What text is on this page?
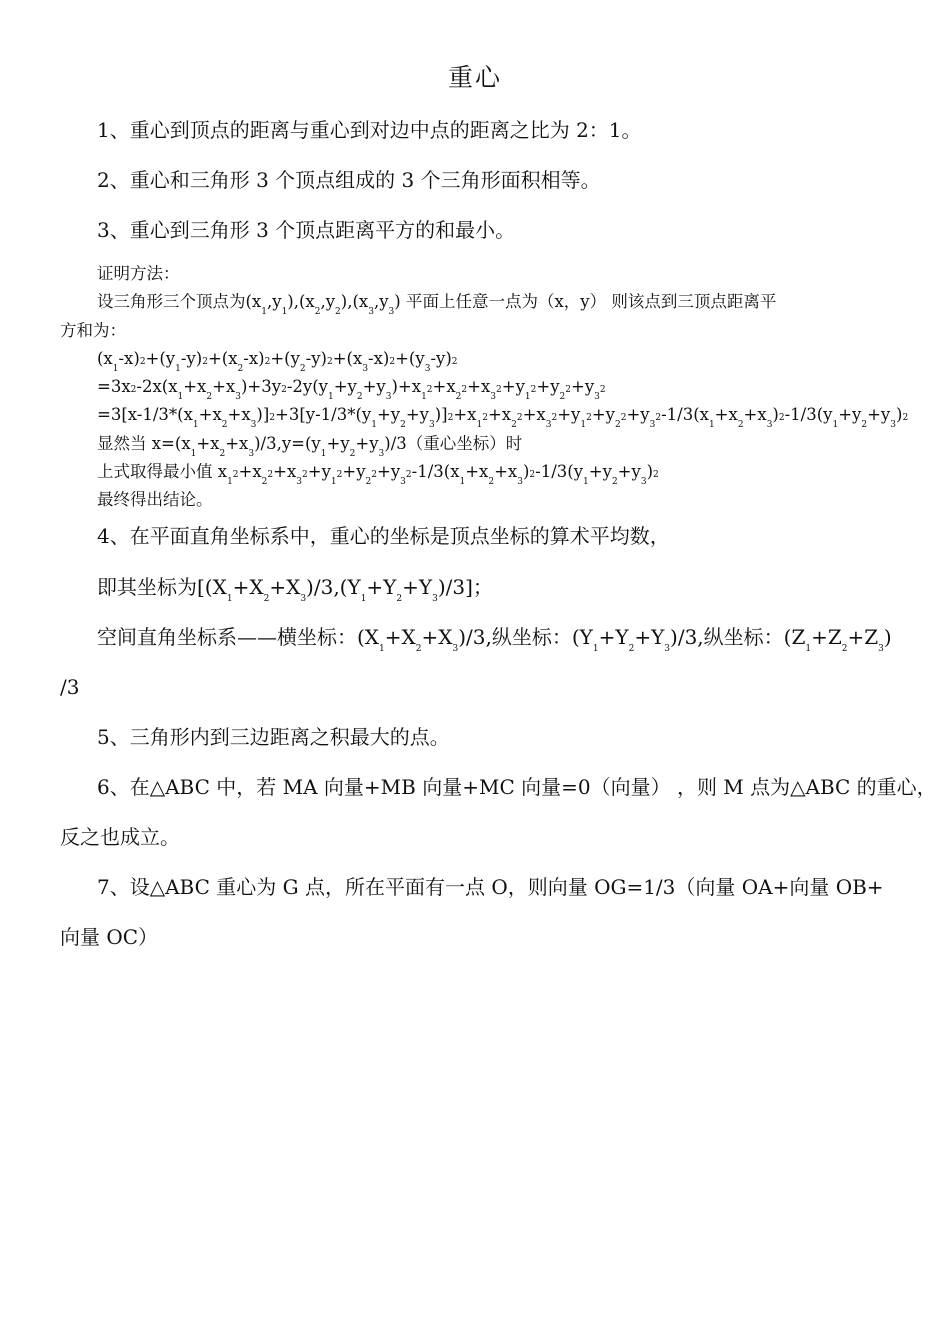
重心
1、重心到顶点的距离与重心到对边中点的距离之比为 2：1。
2、重心和三角形 3 个顶点组成的 3 个三角形面积相等。
3、重心到三角形 3 个顶点距离平方的和最小。
证明方法：
设三角形三个顶点为$(x_1,y_1),(x_2,y_2),(x_3,y_3)$ 平面上任意一点为（x，y） 则该点到三顶点距离平
方和为：
$(x_1-x)2+(y_1-y)2+(x_2-x)2+(y_2-y)2+(x_3-x)2+(y_3-y)2$
$=3x2-2x(x_1+x_2+x_3)+3y2-2y(y_1+y_2+y_3)+x_12+x_22+x_32+y_12+y_22+y_32$
$=3[x-1/3*(x_1+x_2+x_3)]2+3[y-1/3*(y_1+y_2+y_3)]2+x_12+x_22+x_32+y_12+y_22+y_32-1/3(x_1+x_2+x_3)2-1/3(y_1+y_2+y_3)2$
显然当 $x=(x_1+x_2+x_3)/3,y=(y_1+y_2+y_3)/3$（重心坐标）时
上式取得最小值 $x_12+x_22+x_32+y_12+y_22+y_32-1/3(x_1+x_2+x_3)2-1/3(y_1+y_2+y_3)2$
最终得出结论。
4、在平面直角坐标系中，重心的坐标是顶点坐标的算术平均数，
即其坐标为$[(X_1+X_2+X_3)/3,(Y_1+Y_2+Y_3)/3]$；
空间直角坐标系——横坐标：$(X_1+X_2+X_3)/3$,纵坐标：$(Y_1+Y_2+Y_3)/3$,纵坐标：$(Z_1+Z_2+Z_3)$
/3
5、三角形内到三边距离之积最大的点。
6、在△ABC 中，若 MA 向量+MB 向量+MC 向量=0（向量） ，则 M 点为△ABC 的重心，
反之也成立。
7、设△ABC 重心为 G 点，所在平面有一点 O，则向量 OG=1/3（向量 OA+向量 OB+
向量 OC）
